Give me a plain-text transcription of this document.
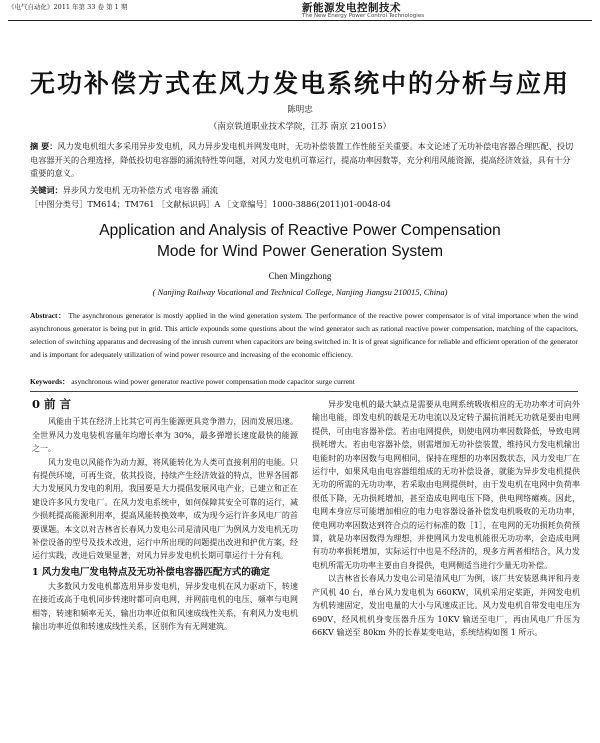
《电气自动化》2011 年第 33 卷 第 1 期	新能源发电控制技术
The New Energy Power Control Technologies
无功补偿方式在风力发电系统中的分析与应用
陈明忠
（南京铁道职业技术学院，江苏 南京 210015）
摘 要：风力发电机组大多采用异步发电机，风力异步发电机并网发电时，无功补偿装置工作性能至关重要。本文论述了无功补偿电容器合理匹配、投切电容器开关的合理选择，降低投切电容器的涌流特性等问题，对风力发电机可靠运行，提高功率因数等，充分利用风能资源，提高经济效益，具有十分重要的意义。
关键词：异步风力发电机 无功补偿方式 电容器 涌流
［中图分类号］TM614；TM761 ［文献标识码］A ［文章编号］1000-3886(2011)01-0048-04
Application and Analysis of Reactive Power Compensation
Mode for Wind Power Generation System
Chen Mingzhong
( Nanjing Railway Vocational and Technical College, Nanjing Jiangsu 210015, China)
Abstract： The asynchronous generator is mostly applied in the wind generation system. The performance of the reactive power compensator is of vital importance when the wind asynchronous generator is being put in grid. This article expounds some questions about the wind generator such as rational reactive power compensation, matching of the capacitors, selection of switching apparatus and decreasing of the inrush current when capacitors are being switched in. It is of great significance for reliable and efficient operation of the generator and is important for adequately utilization of wind power resource and increasing of the economic efficiency.
Keywords： asynchronous wind power generator reactive power compensation mode capacitor surge current
0 前 言

风能由于其在经济上比其它可再生能源更具竞争潜力，因而发展迅速。全世界风力发电装机容量年均增长率为 30%，最多弹增长速度最快的能源之一。

风力发电以风能作为动力源，将风能转化为人类可直接利用的电能。只有提供环境，可再生资，依其投资，持续产生经济效益的特点，世界各国都大力发展风力发电的利用，我国要是大力提倡发展风电产业，已建立和正在建设许多风力发电厂。在风力发电系统中，如何保障其安全可靠的运行，减少损耗提高能源利用率，提高风能转换效率，成为现今运行许多风电厂的首要课题。本文以对吉林省长春风力发电公司是清风电厂为例风力发电机无功补偿设备的型号及技术改进，运行中所出现的问题提出改进和护优方案，经运行实践，改进后效果显著，对风力异步发电机长期可靠运行十分有利。

1 风力发电厂发电特点及无功补偿电容器匹配方式的确定

大多数风力发电机都选用异步发电机，异步发电机在风力驱动下，转速在接近或高于电机同步转速时都可向电网，并网前电机的电压、频率与电网相等，转速和频率无关，输出功率近似和风速成线性关系，有利风力发电机输出功率近似和转速成线性关系，区别作为有无网建筑。

异步发电机的最大缺点是需要从电网系统吸收相应的无功功率才可向外输出电能，即发电机的载是无功电流以及定转子漏抗消耗无功就是要由电网提供，可由电容器补偿。若由电网提供，则使电网功率因数降低，导致电网损耗增大。若由电容器补偿，则需增加无功补偿装置，维持风力发电机输出电能时的功率因数与电网相同，保持在理想的功率因数状态，风力发电厂在运行中，如果风电由电容器组组成的无功补偿设备，就能为异步发电机提供无功的所需的无功功率，若采取由电网提供时，由于发电机在电网中负荷率很低下降，无功损耗增加，甚至造成电网电压下降，供电网络瘫痪。因此，电网本身应尽可能增加相应的电力电容器设备补偿发电机吸收的无功功率，使电网功率因数达到符合点的运行标准的数［1］，在电网的无功损耗负荷预算，就是功率因数得为理想，并使网风力发电机能很无功功率，会造成电网有功功率损耗增加，实际运行中也是不经济的，现多方两者相结合，风力发电机所需无功功率主要由自身提供，电网侧适当进行少量无功补偿。

以吉林省长春风力发电公司是清风电厂为例，该厂共安装恩典评和丹麦产风机 40 台，单台风力发电机为 660KW，风机采用定桨距，并网发电机为机转速固定，发出电量的大小与风速成正比。风力发电机自带发电电压为 690V，经风机机身变压器升压为 10KV 输送至电厂，再由风电厂升压为 66KV 输送至 80km 外的长春某变电站，系统结构如图 1 所示。
